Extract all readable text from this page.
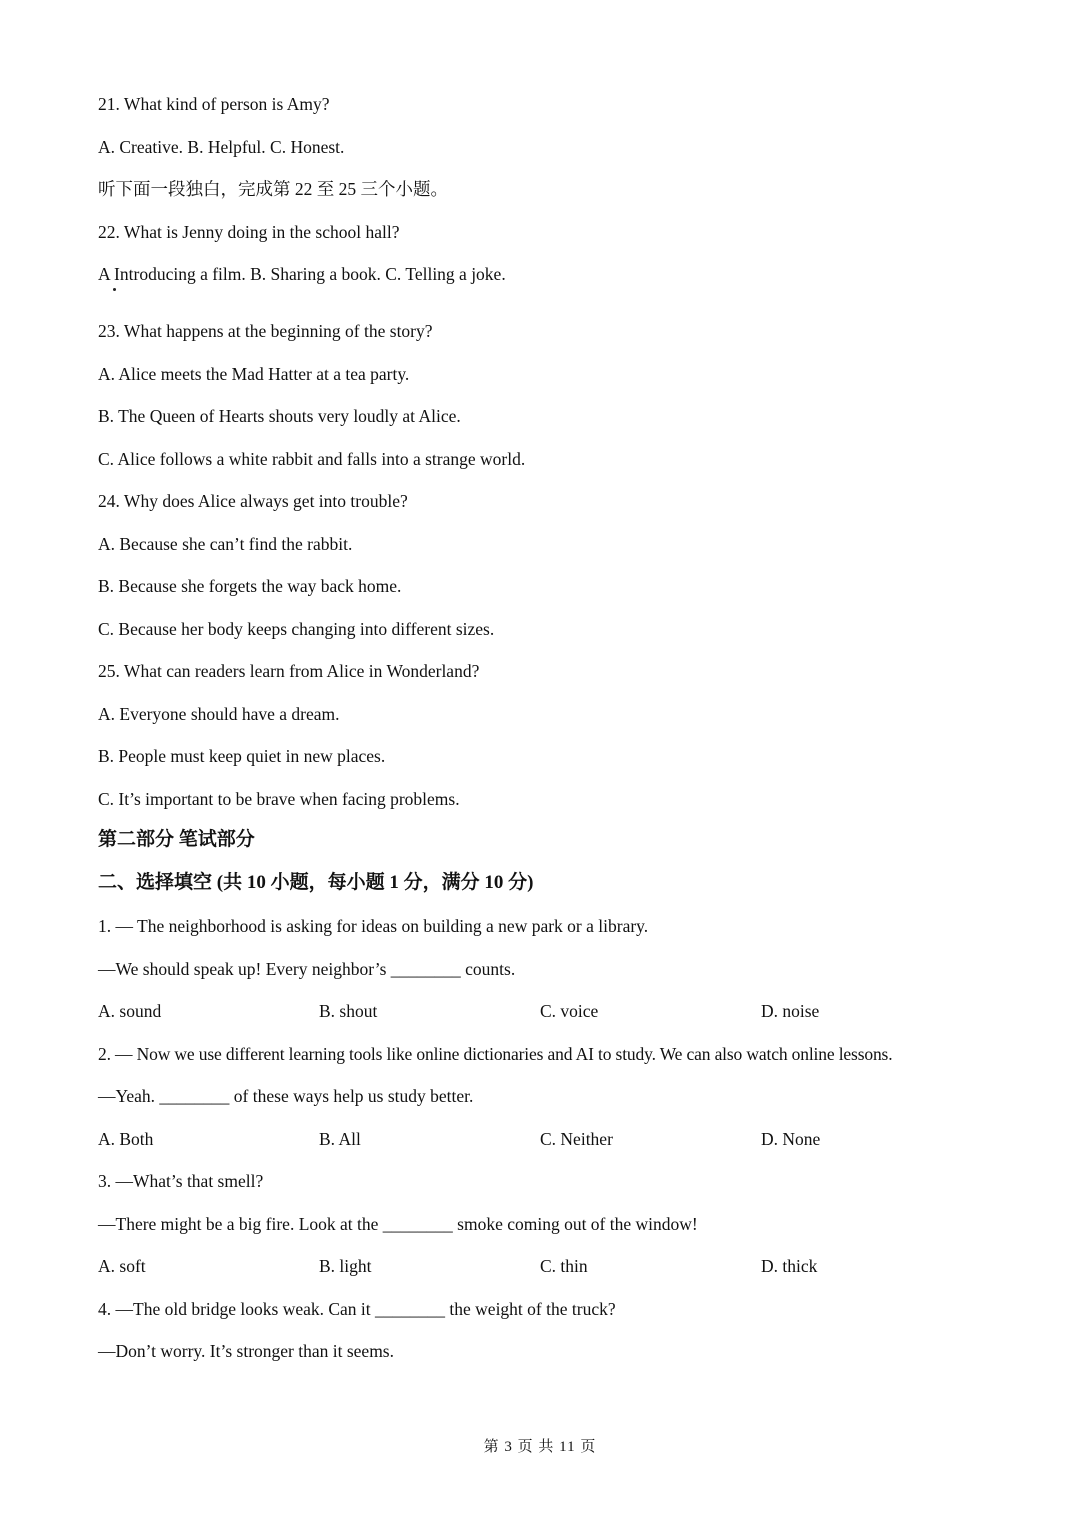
21. What kind of person is Amy?
A. Creative. B. Helpful. C. Honest.
听下面一段独白，完成第 22 至 25 三个小题。
22. What is Jenny doing in the school hall?
A Introducing a film. B. Sharing a book. C. Telling a joke.
23. What happens at the beginning of the story?
A. Alice meets the Mad Hatter at a tea party.
B. The Queen of Hearts shouts very loudly at Alice.
C. Alice follows a white rabbit and falls into a strange world.
24. Why does Alice always get into trouble?
A. Because she can’t find the rabbit.
B. Because she forgets the way back home.
C. Because her body keeps changing into different sizes.
25. What can readers learn from Alice in Wonderland?
A. Everyone should have a dream.
B. People must keep quiet in new places.
C. It’s important to be brave when facing problems.
第二部分 笔试部分
二、选择填空 (共 10 小题，每小题 1 分，满分 10 分)
1. — The neighborhood is asking for ideas on building a new park or a library.
—We should speak up! Every neighbor’s ________ counts.
A. sound	B. shout	C. voice	D. noise
2. — Now we use different learning tools like online dictionaries and AI to study. We can also watch online lessons.
—Yeah. ________ of these ways help us study better.
A. Both	B. All	C. Neither	D. None
3. —What’s that smell?
—There might be a big fire. Look at the ________ smoke coming out of the window!
A. soft	B. light	C. thin	D. thick
4. —The old bridge looks weak. Can it ________ the weight of the truck?
—Don’t worry. It’s stronger than it seems.
第 3 页 共 11 页
